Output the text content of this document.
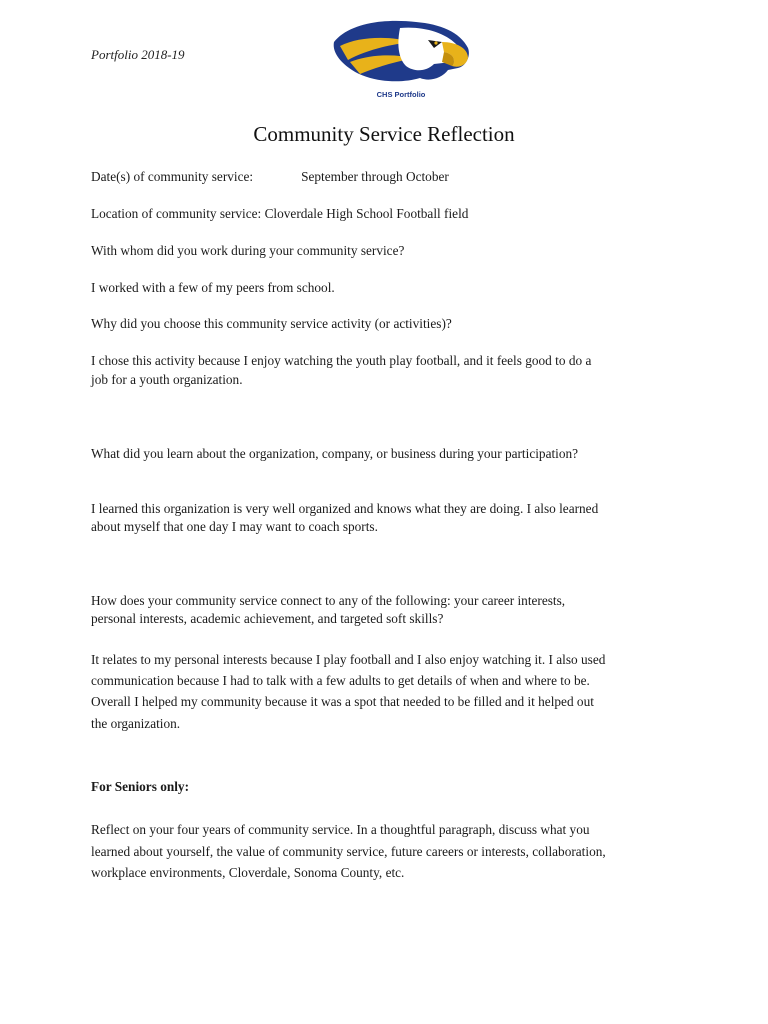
Portfolio 2018-19
CHS Portfolio
Community Service Reflection
Date(s) of community service:	September through October
Location of community service: Cloverdale High School Football field
With whom did you work during your community service?
I worked with a few of my peers from school.
Why did you choose this community service activity (or activities)?
I chose this activity because I enjoy watching the youth play football, and it feels good to do a
job for a youth organization.
What did you learn about the organization, company, or business during your participation?
I learned this organization is very well organized and knows what they are doing. I also learned
about myself that one day I may want to coach sports.
How does your community service connect to any of the following: your career interests,
personal interests, academic achievement, and targeted soft skills?
It relates to my personal interests because I play football and I also enjoy watching it. I also used
communication because I had to talk with a few adults to get details of when and where to be.
Overall I helped my community because it was a spot that needed to be filled and it helped out
the organization.
For Seniors only:
Reflect on your four years of community service. In a thoughtful paragraph, discuss what you
learned about yourself, the value of community service, future careers or interests, collaboration,
workplace environments, Cloverdale, Sonoma County, etc.
